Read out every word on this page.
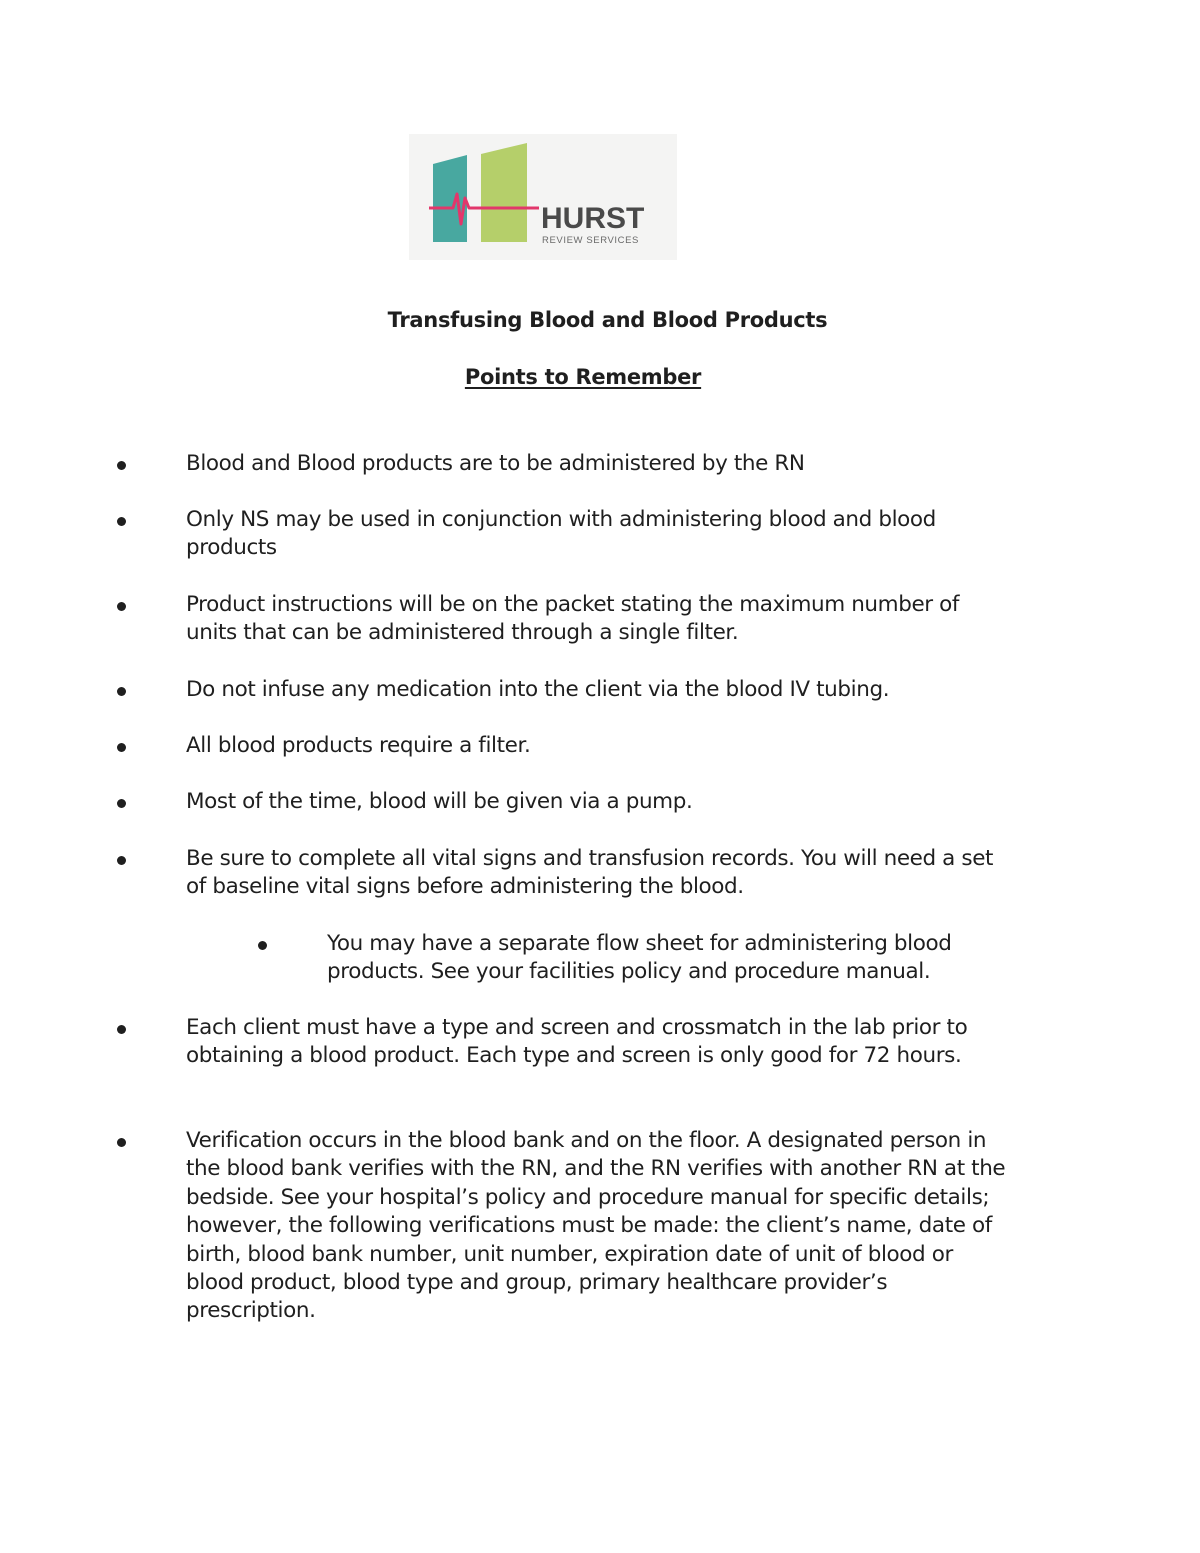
HURST
REVIEW SERVICES
Transfusing Blood and Blood Products
Points to Remember
Blood and Blood products are to be administered by the RN
Only NS may be used in conjunction with administering blood and blood products
Product instructions will be on the packet stating the maximum number of units that can be administered through a single filter.
Do not infuse any medication into the client via the blood IV tubing.
All blood products require a filter.
Most of the time, blood will be given via a pump.
Be sure to complete all vital signs and transfusion records. You will need a set of baseline vital signs before administering the blood.
You may have a separate flow sheet for administering blood products. See your facilities policy and procedure manual.
Each client must have a type and screen and crossmatch in the lab prior to obtaining a blood product. Each type and screen is only good for 72 hours.
Verification occurs in the blood bank and on the floor. A designated person in the blood bank verifies with the RN, and the RN verifies with another RN at the bedside. See your hospital’s policy and procedure manual for specific details; however, the following verifications must be made: the client’s name, date of birth, blood bank number, unit number, expiration date of unit of blood or blood product, blood type and group, primary healthcare provider’s prescription.
